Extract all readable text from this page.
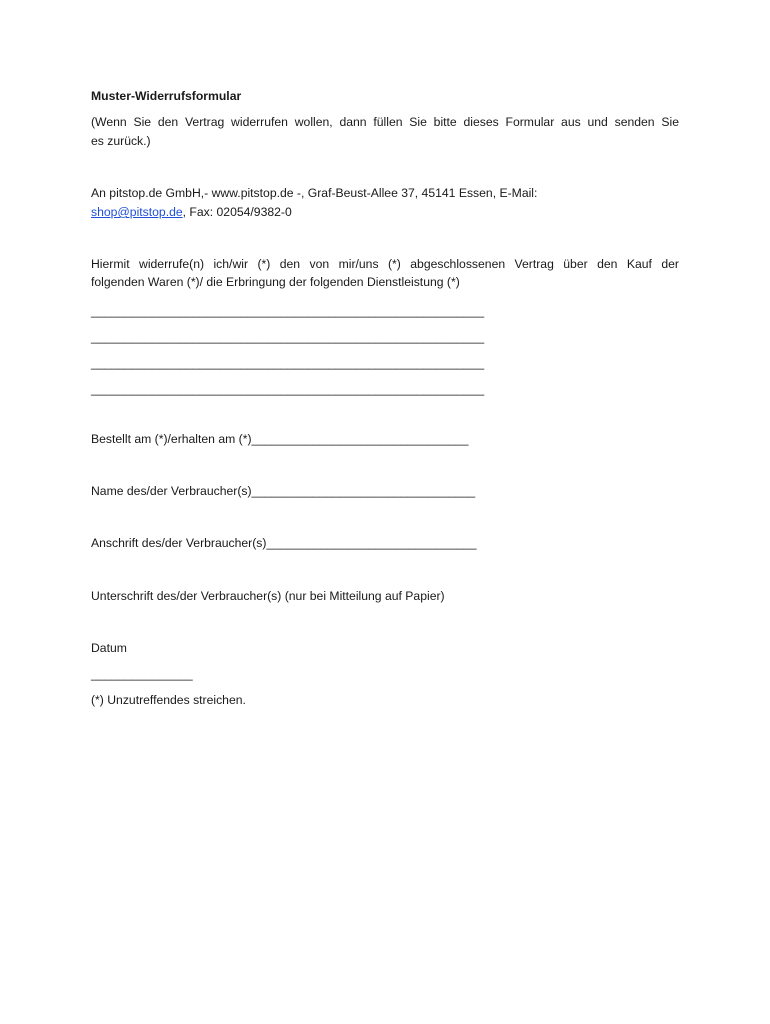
Muster-Widerrufsformular
(Wenn Sie den Vertrag widerrufen wollen, dann füllen Sie bitte dieses Formular aus und senden Sie
es zurück.)
An pitstop.de GmbH,- www.pitstop.de -, Graf-Beust-Allee 37, 45141 Essen, E-Mail:
shop@pitstop.de, Fax: 02054/9382-0
Hiermit widerrufe(n) ich/wir (*) den von mir/uns (*) abgeschlossenen Vertrag über den Kauf der
folgenden Waren (*)/ die Erbringung der folgenden Dienstleistung (*)
__________________________________________________________
__________________________________________________________
__________________________________________________________
__________________________________________________________
Bestellt am (*)/erhalten am (*)________________________________
Name des/der Verbraucher(s)_________________________________
Anschrift des/der Verbraucher(s)_______________________________
Unterschrift des/der Verbraucher(s) (nur bei Mitteilung auf Papier)
Datum
_______________
(*) Unzutreffendes streichen.
